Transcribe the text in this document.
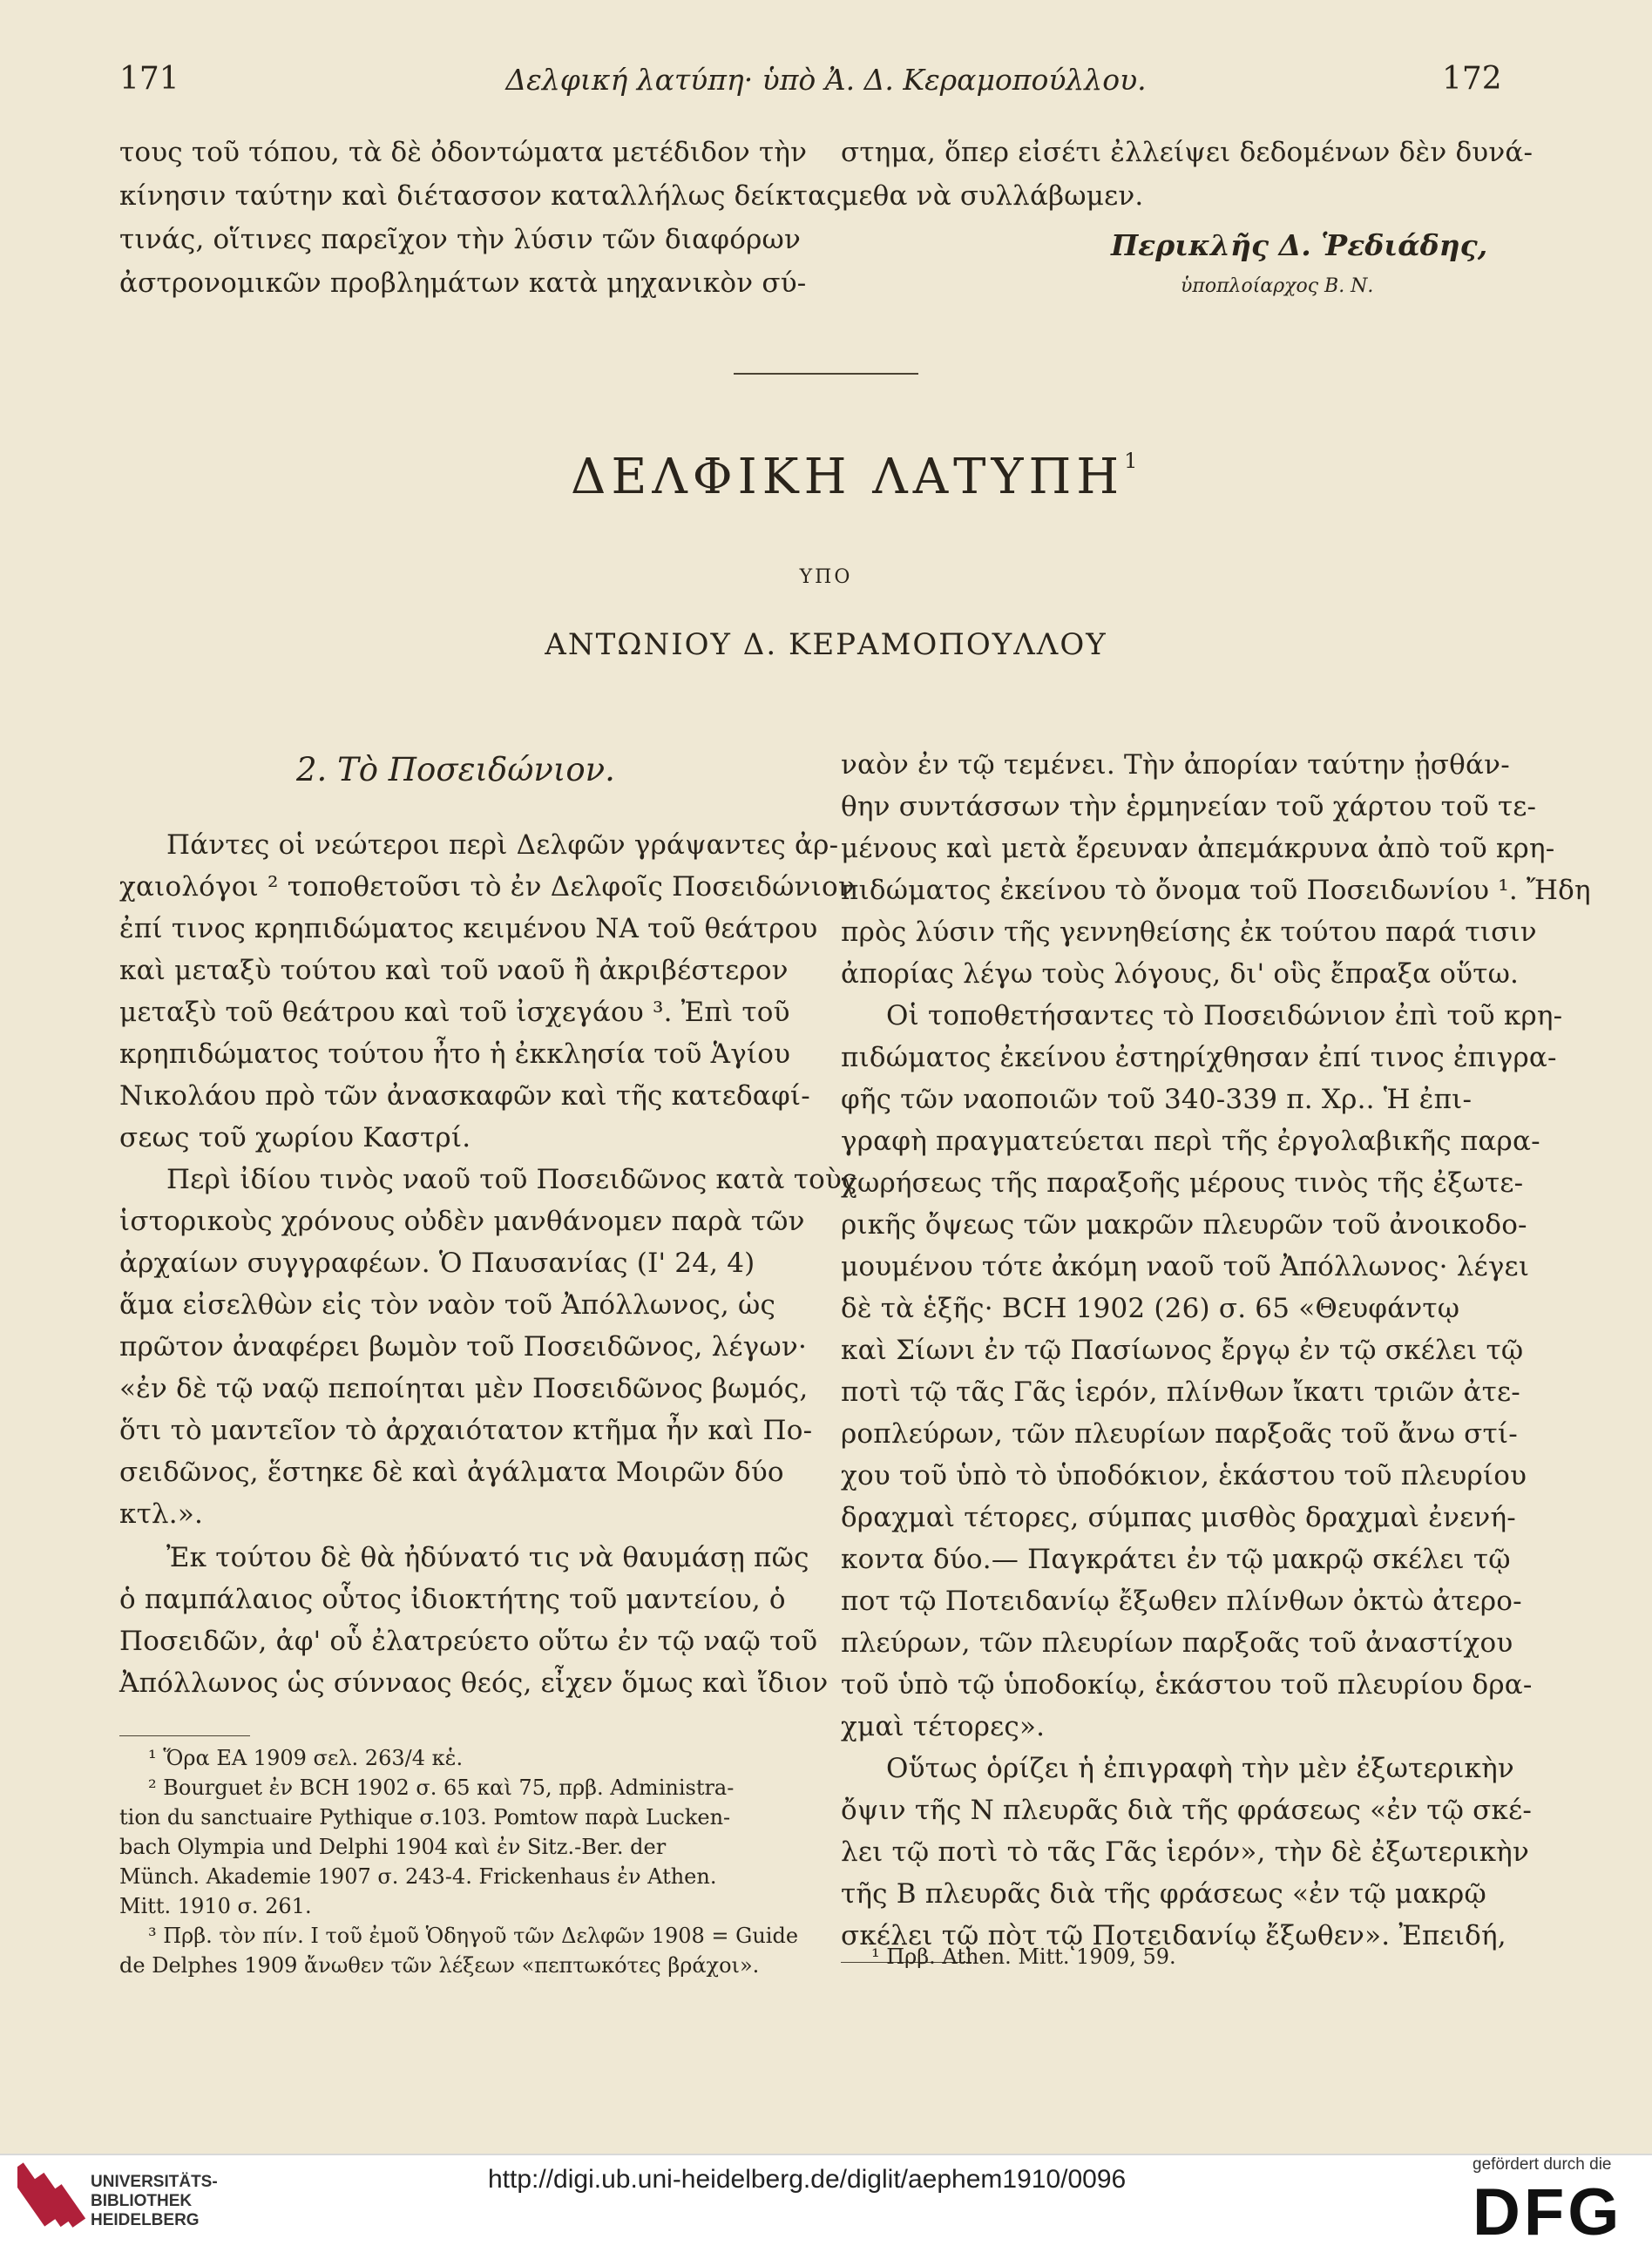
171	Δελφική λατύπη· ὑπὸ Ἀ. Δ. Κεραμοπούλλου.	172
τους τοῦ τόπου, τὰ δὲ ὀδοντώματα μετέδιδον τὴν
κίνησιν ταύτην καὶ διέτασσον καταλλήλως δείκτας
τινάς, οἵτινες παρεῖχον τὴν λύσιν τῶν διαφόρων
ἀστρονομικῶν προβλημάτων κατὰ μηχανικὸν σύ-
στημα, ὅπερ εἰσέτι ἐλλείψει δεδομένων δὲν δυνά-
μεθα νὰ συλλάβωμεν.
Περικλῆς Δ. Ῥεδιάδης,
ὑποπλοίαρχος Β. Ν.
ΔΕΛΦΙΚΗ ΛΑΤΥΠΗ$^1$
ΥΠΟ
ΑΝΤΩΝΙΟΥ Δ. ΚΕΡΑΜΟΠΟΥΛΛΟΥ
2. Τὸ Ποσειδώνιον.
Πάντες οἱ νεώτεροι περὶ Δελφῶν γράψαντες ἀρ-
χαιολόγοι ² τοποθετοῦσι τὸ ἐν Δελφοῖς Ποσειδώνιον
ἐπί τινος κρηπιδώματος κειμένου ΝΑ τοῦ θεάτρου
καὶ μεταξὺ τούτου καὶ τοῦ ναοῦ ἢ ἀκριβέστερον
μεταξὺ τοῦ θεάτρου καὶ τοῦ ἰσχεγάου ³. Ἐπὶ τοῦ
κρηπιδώματος τούτου ἦτο ἡ ἐκκλησία τοῦ Ἁγίου
Νικολάου πρὸ τῶν ἀνασκαφῶν καὶ τῆς κατεδαφί-
σεως τοῦ χωρίου Καστρί.
Περὶ ἰδίου τινὸς ναοῦ τοῦ Ποσειδῶνος κατὰ τοὺς
ἱστορικοὺς χρόνους οὐδὲν μανθάνομεν παρὰ τῶν
ἀρχαίων συγγραφέων. Ὁ Παυσανίας (Ι' 24, 4)
ἅμα εἰσελθὼν εἰς τὸν ναὸν τοῦ Ἀπόλλωνος, ὡς
πρῶτον ἀναφέρει βωμὸν τοῦ Ποσειδῶνος, λέγων·
«ἐν δὲ τῷ ναῷ πεποίηται μὲν Ποσειδῶνος βωμός,
ὅτι τὸ μαντεῖον τὸ ἀρχαιότατον κτῆμα ἦν καὶ Πο-
σειδῶνος, ἕστηκε δὲ καὶ ἀγάλματα Μοιρῶν δύο
κτλ.».
Ἐκ τούτου δὲ θὰ ἠδύνατό τις νὰ θαυμάσῃ πῶς
ὁ παμπάλαιος οὗτος ἰδιοκτήτης τοῦ μαντείου, ὁ
Ποσειδῶν, ἀφ' οὗ ἐλατρεύετο οὕτω ἐν τῷ ναῷ τοῦ
Ἀπόλλωνος ὡς σύνναος θεός, εἶχεν ὅμως καὶ ἴδιον
ναὸν ἐν τῷ τεμένει. Τὴν ἀπορίαν ταύτην ᾐσθάν-
θην συντάσσων τὴν ἑρμηνείαν τοῦ χάρτου τοῦ τε-
μένους καὶ μετὰ ἔρευναν ἀπεμάκρυνα ἀπὸ τοῦ κρη-
πιδώματος ἐκείνου τὸ ὄνομα τοῦ Ποσειδωνίου ¹. Ἤδη
πρὸς λύσιν τῆς γεννηθείσης ἐκ τούτου παρά τισιν
ἀπορίας λέγω τοὺς λόγους, δι' οὓς ἔπραξα οὕτω.
Οἱ τοποθετήσαντες τὸ Ποσειδώνιον ἐπὶ τοῦ κρη-
πιδώματος ἐκείνου ἐστηρίχθησαν ἐπί τινος ἐπιγρα-
φῆς τῶν ναοποιῶν τοῦ 340-339 π. Χρ.. Ἡ ἐπι-
γραφὴ πραγματεύεται περὶ τῆς ἐργολαβικῆς παρα-
χωρήσεως τῆς παραξοῆς μέρους τινὸς τῆς ἐξωτε-
ρικῆς ὄψεως τῶν μακρῶν πλευρῶν τοῦ ἀνοικοδο-
μουμένου τότε ἀκόμη ναοῦ τοῦ Ἀπόλλωνος· λέγει
δὲ τὰ ἑξῆς· BCH 1902 (26) σ. 65 «Θευφάντῳ
καὶ Σίωνι ἐν τῷ Πασίωνος ἔργῳ ἐν τῷ σκέλει τῷ
ποτὶ τῷ τᾶς Γᾶς ἱερόν, πλίνθων ἴκατι τριῶν ἀτε-
ροπλεύρων, τῶν πλευρίων παρξοᾶς τοῦ ἄνω στί-
χου τοῦ ὑπὸ τὸ ὑποδόκιον, ἑκάστου τοῦ πλευρίου
δραχμαὶ τέτορες, σύμπας μισθὸς δραχμαὶ ἐνενή-
κοντα δύο.— Παγκράτει ἐν τῷ μακρῷ σκέλει τῷ
ποτ τῷ Ποτειδανίῳ ἔξωθεν πλίνθων ὀκτὼ ἀτερο-
πλεύρων, τῶν πλευρίων παρξοᾶς τοῦ ἀναστίχου
τοῦ ὑπὸ τῷ ὑποδοκίῳ, ἑκάστου τοῦ πλευρίου δρα-
χμαὶ τέτορες».
Οὕτως ὁρίζει ἡ ἐπιγραφὴ τὴν μὲν ἐξωτερικὴν
ὄψιν τῆς Ν πλευρᾶς διὰ τῆς φράσεως «ἐν τῷ σκέ-
λει τῷ ποτὶ τὸ τᾶς Γᾶς ἱερόν», τὴν δὲ ἐξωτερικὴν
τῆς Β πλευρᾶς διὰ τῆς φράσεως «ἐν τῷ μακρῷ
σκέλει τῷ πὸτ τῷ Ποτειδανίῳ ἔξωθεν». Ἐπειδή,
¹ Ὅρα ΕΑ 1909 σελ. 263/4 κἑ.
² Bourguet ἐν BCH 1902 σ. 65 καὶ 75, πρβ. Administra-
tion du sanctuaire Pythique σ.103. Pomtow παρὰ Lucken-
bach Olympia und Delphi 1904 καὶ ἐν Sitz.-Ber. der
Münch. Akademie 1907 σ. 243-4. Frickenhaus ἐν Athen.
Mitt. 1910 σ. 261.
³ Πρβ. τὸν πίν. Ι τοῦ ἐμοῦ Ὁδηγοῦ τῶν Δελφῶν 1908 = Guide
de Delphes 1909 ἄνωθεν τῶν λέξεων «πεπτωκότες βράχοι».	¹ Πρβ. Athen. Mitt. 1909, 59.
UNIVERSITÄTS-
BIBLIOTHEK
HEIDELBERG
http://digi.ub.uni-heidelberg.de/diglit/aephem1910/0096
gefördert durch die
DFG
